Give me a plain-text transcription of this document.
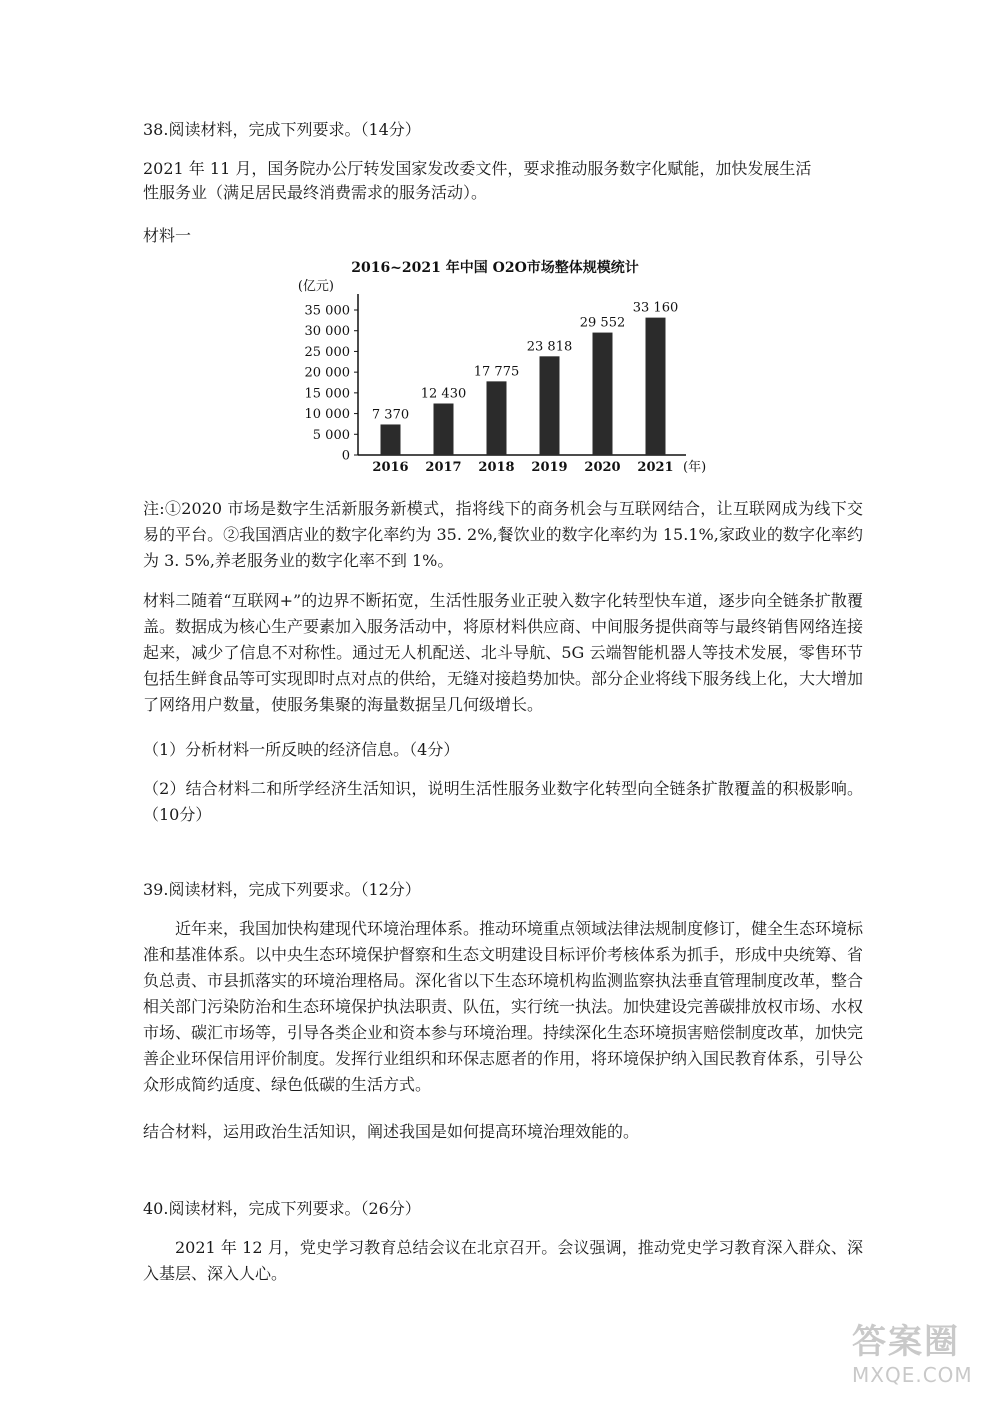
38.阅读材料，完成下列要求。（14分）
2021 年 11 月，国务院办公厅转发国家发改委文件，要求推动服务数字化赋能，加快发展生活
性服务业（满足居民最终消费需求的服务活动）。
材料一
2016~2021 年中国 O2O市场整体规模统计
(亿元)
0
5 000
10 000
15 000
20 000
25 000
30 000
35 000
7 370
12 430
17 775
23 818
29 552
33 160
2016 2017 2018 2019 2020 2021 (年)
注:①2020 市场是数字生活新服务新模式，指将线下的商务机会与互联网结合，让互联网成为线下交易的平台。②我国酒店业的数字化率约为 35. 2%,餐饮业的数字化率约为 15.1%,家政业的数字化率约为 3. 5%,养老服务业的数字化率不到 1%。
材料二随着“互联网+”的边界不断拓宽，生活性服务业正驶入数字化转型快车道，逐步向全链条扩散覆盖。数据成为核心生产要素加入服务活动中，将原材料供应商、中间服务提供商等与最终销售网络连接起来，减少了信息不对称性。通过无人机配送、北斗导航、5G 云端智能机器人等技术发展，零售环节包括生鲜食品等可实现即时点对点的供给，无缝对接趋势加快。部分企业将线下服务线上化，大大增加了网络用户数量，使服务集聚的海量数据呈几何级增长。
（1）分析材料一所反映的经济信息。（4分）
（2）结合材料二和所学经济生活知识，说明生活性服务业数字化转型向全链条扩散覆盖的积极影响。（10分）
39.阅读材料，完成下列要求。（12分）
近年来，我国加快构建现代环境治理体系。推动环境重点领域法律法规制度修订，健全生态环境标准和基准体系。以中央生态环境保护督察和生态文明建设目标评价考核体系为抓手，形成中央统筹、省负总责、市县抓落实的环境治理格局。深化省以下生态环境机构监测监察执法垂直管理制度改革，整合相关部门污染防治和生态环境保护执法职责、队伍，实行统一执法。加快建设完善碳排放权市场、水权市场、碳汇市场等，引导各类企业和资本参与环境治理。持续深化生态环境损害赔偿制度改革，加快完善企业环保信用评价制度。发挥行业组织和环保志愿者的作用，将环境保护纳入国民教育体系，引导公众形成简约适度、绿色低碳的生活方式。
结合材料，运用政治生活知识，阐述我国是如何提高环境治理效能的。
40.阅读材料，完成下列要求。（26分）
2021 年 12 月，党史学习教育总结会议在北京召开。会议强调，推动党史学习教育深入群众、深入基层、深入人心。
答案圈
MXQE.COM
